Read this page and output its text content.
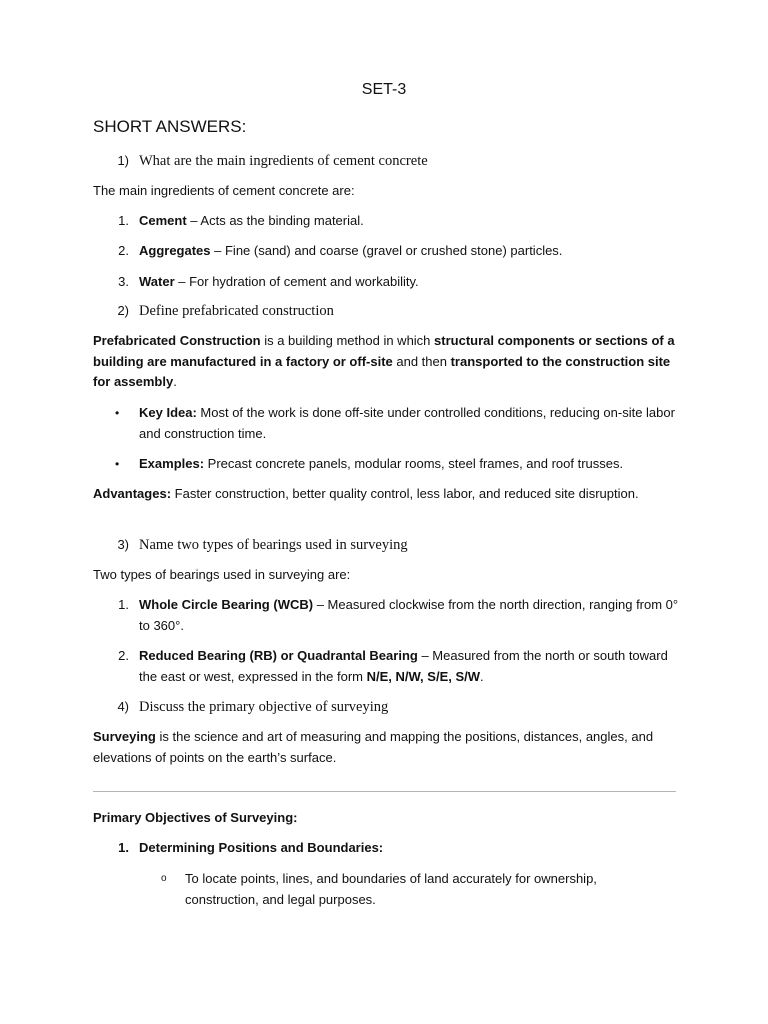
SET-3
SHORT ANSWERS:
1) What are the main ingredients of cement concrete
The main ingredients of cement concrete are:
1. Cement – Acts as the binding material.
2. Aggregates – Fine (sand) and coarse (gravel or crushed stone) particles.
3. Water – For hydration of cement and workability.
2) Define prefabricated construction
Prefabricated Construction is a building method in which structural components or sections of a building are manufactured in a factory or off-site and then transported to the construction site for assembly.
• Key Idea: Most of the work is done off-site under controlled conditions, reducing on-site labor and construction time.
• Examples: Precast concrete panels, modular rooms, steel frames, and roof trusses.
Advantages: Faster construction, better quality control, less labor, and reduced site disruption.
3) Name two types of bearings used in surveying
Two types of bearings used in surveying are:
1. Whole Circle Bearing (WCB) – Measured clockwise from the north direction, ranging from 0° to 360°.
2. Reduced Bearing (RB) or Quadrantal Bearing – Measured from the north or south toward the east or west, expressed in the form N/E, N/W, S/E, S/W.
4) Discuss the primary objective of surveying
Surveying is the science and art of measuring and mapping the positions, distances, angles, and elevations of points on the earth’s surface.
Primary Objectives of Surveying:
1. Determining Positions and Boundaries:
o To locate points, lines, and boundaries of land accurately for ownership, construction, and legal purposes.
